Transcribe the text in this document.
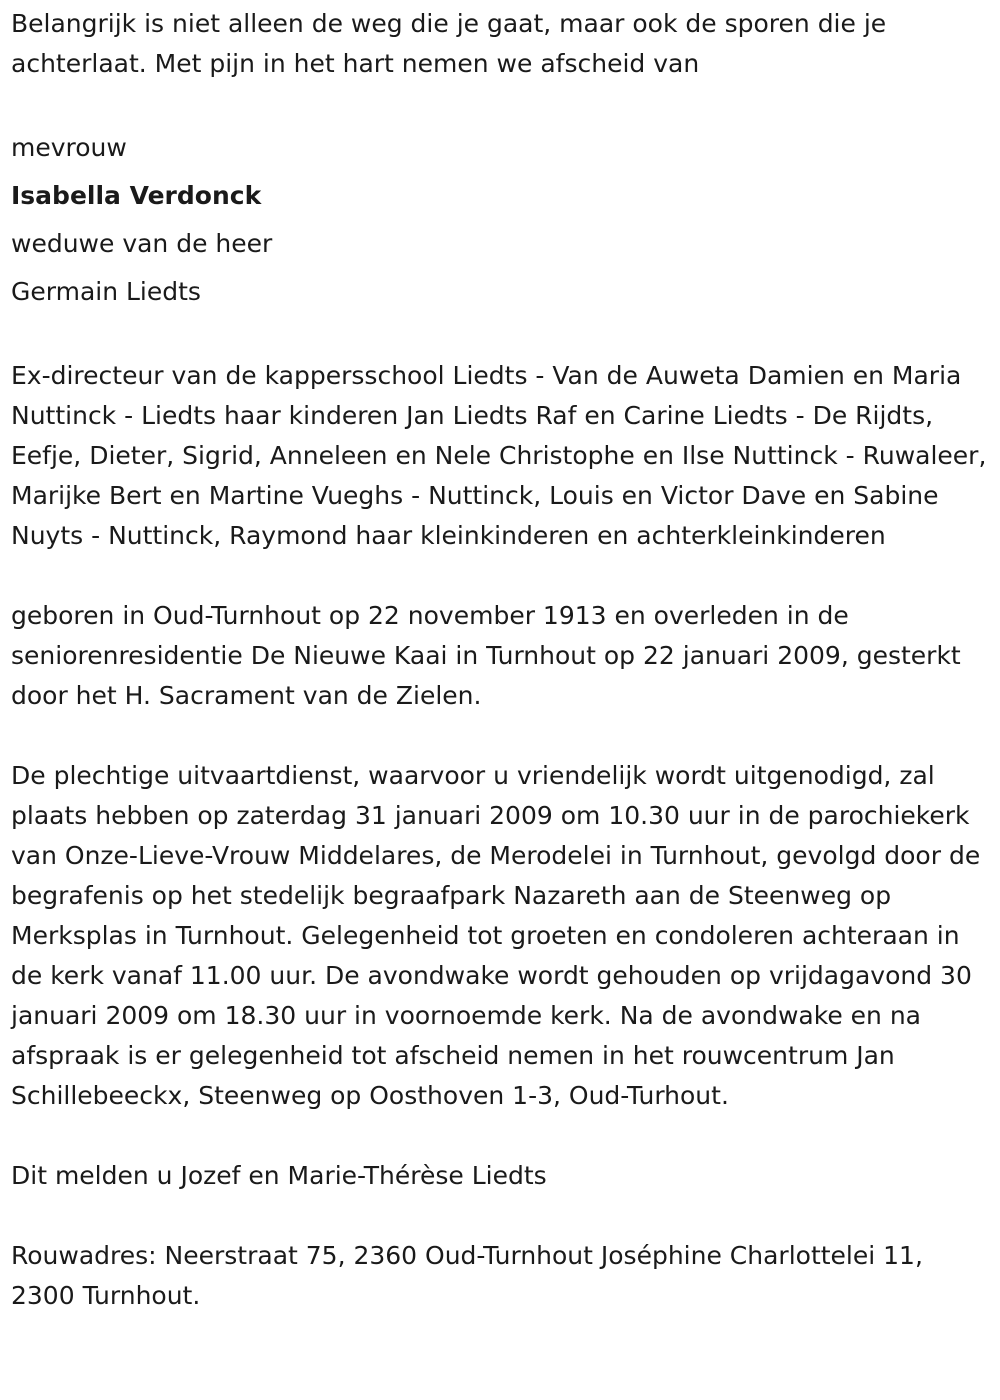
Belangrijk is niet alleen de weg die je gaat, maar ook de sporen die je achterlaat. Met pijn in het hart nemen we afscheid van

mevrouw

Isabella Verdonck

weduwe van de heer

Germain Liedts

Ex-directeur van de kappersschool Liedts - Van de Auweta Damien en Maria Nuttinck - Liedts haar kinderen Jan Liedts Raf en Carine Liedts - De Rijdts, Eefje, Dieter, Sigrid, Anneleen en Nele Christophe en Ilse Nuttinck - Ruwaleer, Marijke Bert en Martine Vueghs - Nuttinck, Louis en Victor Dave en Sabine Nuyts - Nuttinck, Raymond haar kleinkinderen en achterkleinkinderen

geboren in Oud-Turnhout op 22 november 1913 en overleden in de seniorenresidentie De Nieuwe Kaai in Turnhout op 22 januari 2009, gesterkt door het H. Sacrament van de Zielen.

De plechtige uitvaartdienst, waarvoor u vriendelijk wordt uitgenodigd, zal plaats hebben op zaterdag 31 januari 2009 om 10.30 uur in de parochiekerk van Onze-Lieve-Vrouw Middelares, de Merodelei in Turnhout, gevolgd door de begrafenis op het stedelijk begraafpark Nazareth aan de Steenweg op Merksplas in Turnhout. Gelegenheid tot groeten en condoleren achteraan in de kerk vanaf 11.00 uur. De avondwake wordt gehouden op vrijdagavond 30 januari 2009 om 18.30 uur in voornoemde kerk. Na de avondwake en na afspraak is er gelegenheid tot afscheid nemen in het rouwcentrum Jan Schillebeeckx, Steenweg op Oosthoven 1-3, Oud-Turhout.

Dit melden u Jozef en Marie-Thérèse Liedts

Rouwadres: Neerstraat 75, 2360 Oud-Turnhout Joséphine Charlottelei 11, 2300 Turnhout.
